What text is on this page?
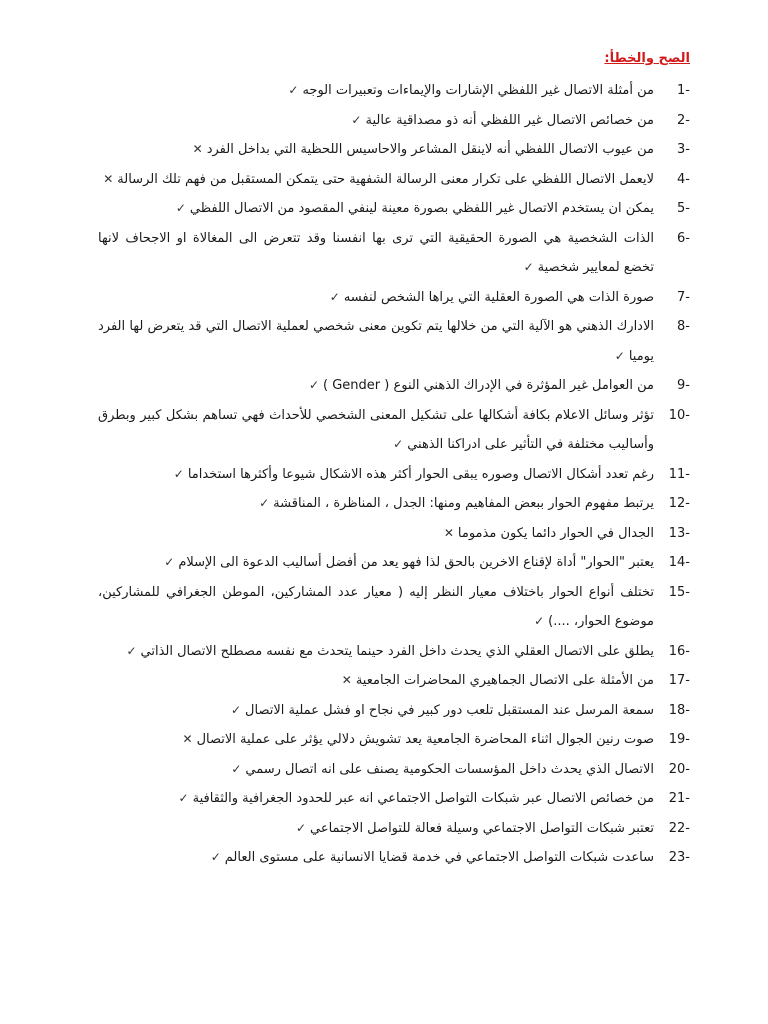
الصح والخطأ:
1-
من أمثلة الاتصال غير اللفظي الإشارات والإيماءات وتعبيرات الوجه✓
2-
من خصائص الاتصال غير اللفظي أنه ذو مصداقية عالية✓
3-
من عيوب الاتصال اللفظي أنه لاينقل المشاعر والاحاسيس اللحظية التي بداخل الفرد✕
4-
لايعمل الاتصال اللفظي على تكرار معنى الرسالة الشفهية حتى يتمكن المستقبل من فهم تلك الرسالة✕
5-
يمكن ان يستخدم الاتصال غير اللفظي بصورة معينة لينفي المقصود من الاتصال اللفظي✓
6-
الذات الشخصية هي الصورة الحقيقية التي ترى بها انفسنا وقد تتعرض الى المغالاة او الاجحاف لانها تخضع لمعايير شخصية✓
7-
صورة الذات هي الصورة العقلية التي يراها الشخص لنفسه✓
8-
الادارك الذهني هو الآلية التي من خلالها يتم تكوين معنى شخصي لعملية الاتصال التي قد يتعرض لها الفرد يوميا✓
9-
من العوامل غير المؤثرة في الإدراك الذهني النوع ( Gender )✓
10-
تؤثر وسائل الاعلام بكافة أشكالها على تشكيل المعنى الشخصي للأحداث فهي تساهم بشكل كبير وبطرق وأساليب مختلفة في التأثير على ادراكنا الذهني✓
11-
رغم تعدد أشكال الاتصال وصوره يبقى الحوار أكثر هذه الاشكال شيوعا وأكثرها استخداما✓
12-
يرتبط مفهوم الحوار ببعض المفاهيم ومنها: الجدل ، المناظرة ، المناقشة✓
13-
الجدال في الحوار دائما يكون مذموما✕
14-
يعتبر "الحوار" أداة لإقناع الاخرين بالحق لذا فهو يعد من أفضل أساليب الدعوة الى الإسلام✓
15-
تختلف أنواع الحوار باختلاف معيار النظر إليه ( معيار عدد المشاركين، الموطن الجغرافي للمشاركين، موضوع الحوار، ....)✓
16-
يطلق على الاتصال العقلي الذي يحدث داخل الفرد حينما يتحدث مع نفسه مصطلح الاتصال الذاتي✓
17-
من الأمثلة على الاتصال الجماهيري المحاضرات الجامعية✕
18-
سمعة المرسل عند المستقبل تلعب دور كبير في نجاح او فشل عملية الاتصال✓
19-
صوت رنين الجوال اثناء المحاضرة الجامعية يعد تشويش دلالي يؤثر على عملية الاتصال✕
20-
الاتصال الذي يحدث داخل المؤسسات الحكومية يصنف على انه اتصال رسمي✓
21-
من خصائص الاتصال عبر شبكات التواصل الاجتماعي انه عبر للحدود الجغرافية والثقافية✓
22-
تعتبر شبكات التواصل الاجتماعي وسيلة فعالة للتواصل الاجتماعي✓
23-
ساعدت شبكات التواصل الاجتماعي في خدمة قضايا الانسانية على مستوى العالم✓
